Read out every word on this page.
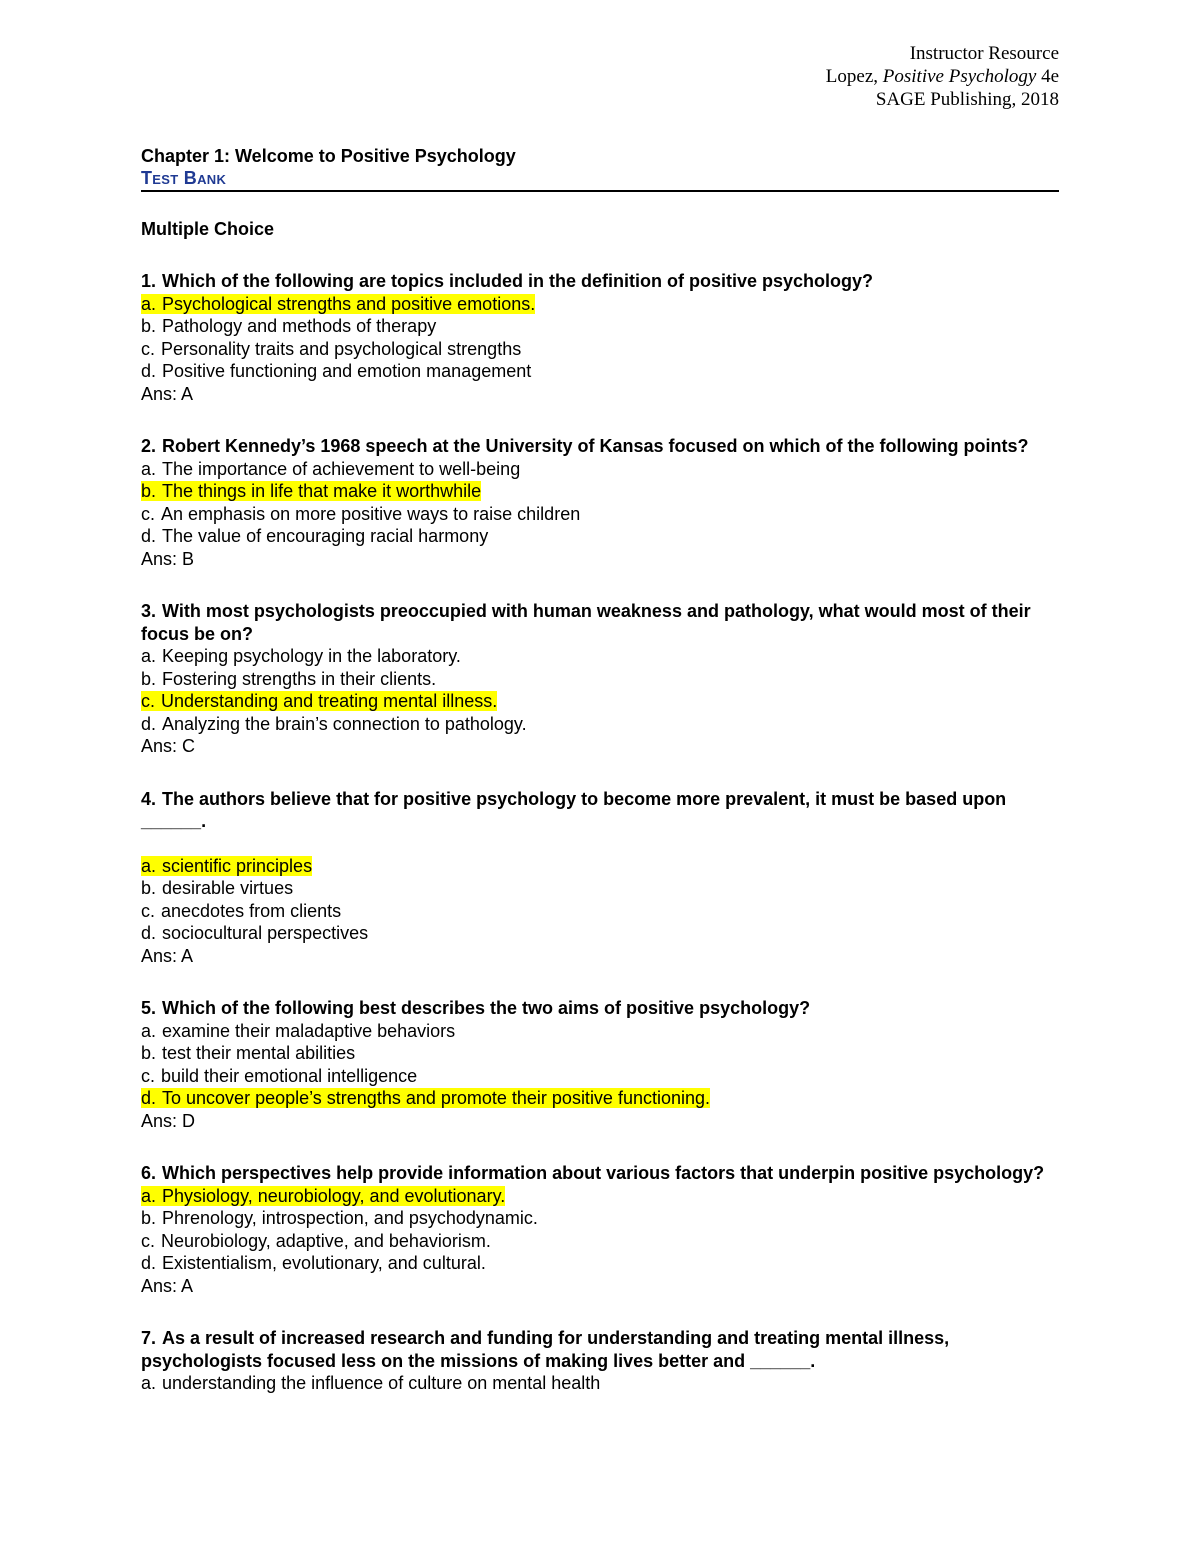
Instructor Resource
Lopez, Positive Psychology 4e
SAGE Publishing, 2018
Chapter 1: Welcome to Positive Psychology
Test Bank
Multiple Choice
1. Which of the following are topics included in the definition of positive psychology?
a. Psychological strengths and positive emotions.
b. Pathology and methods of therapy
c. Personality traits and psychological strengths
d. Positive functioning and emotion management
Ans: A
2. Robert Kennedy’s 1968 speech at the University of Kansas focused on which of the following points?
a. The importance of achievement to well-being
b. The things in life that make it worthwhile
c. An emphasis on more positive ways to raise children
d. The value of encouraging racial harmony
Ans: B
3. With most psychologists preoccupied with human weakness and pathology, what would most of their focus be on?
a. Keeping psychology in the laboratory.
b. Fostering strengths in their clients.
c. Understanding and treating mental illness.
d. Analyzing the brain’s connection to pathology.
Ans: C
4. The authors believe that for positive psychology to become more prevalent, it must be based upon ______.
a. scientific principles
b. desirable virtues
c. anecdotes from clients
d. sociocultural perspectives
Ans: A
5. Which of the following best describes the two aims of positive psychology?
a. examine their maladaptive behaviors
b. test their mental abilities
c. build their emotional intelligence
d. To uncover people’s strengths and promote their positive functioning.
Ans: D
6. Which perspectives help provide information about various factors that underpin positive psychology?
a. Physiology, neurobiology, and evolutionary.
b. Phrenology, introspection, and psychodynamic.
c. Neurobiology, adaptive, and behaviorism.
d. Existentialism, evolutionary, and cultural.
Ans: A
7. As a result of increased research and funding for understanding and treating mental illness, psychologists focused less on the missions of making lives better and ______.
a. understanding the influence of culture on mental health
